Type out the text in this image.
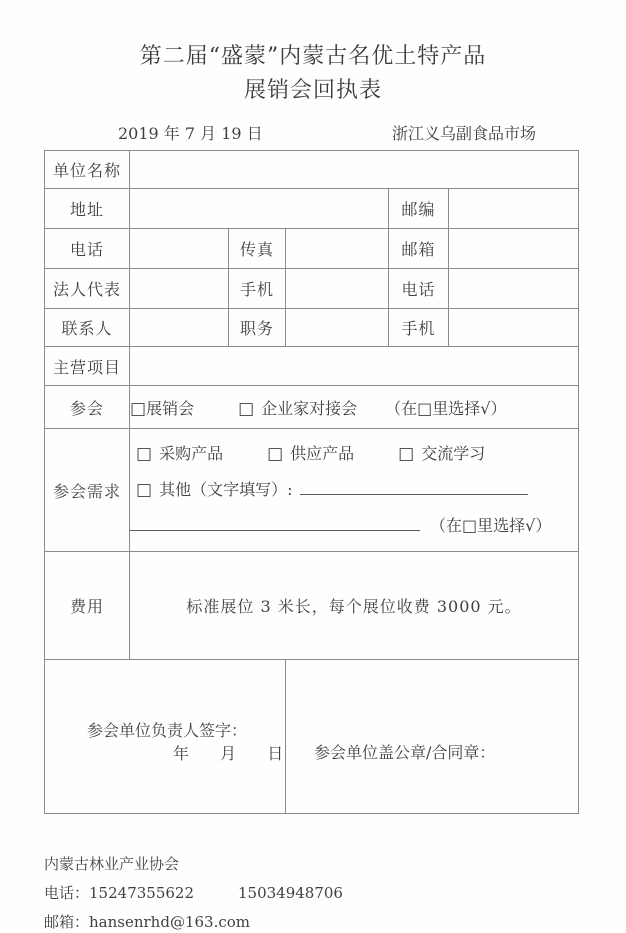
第二届“盛蒙”内蒙古名优土特产品
展销会回执表
2019 年 7 月 19 日	浙江义乌副食品市场
单位名称					
地址				邮编	
电话		传真		邮箱	
法人代表		手机		电话	
联系人		职务		手机	
主营项目					
参会	□展销会 □ 企业家对接会 （在□里选择√）				
参会需求	□ 采购产品 □ 供应产品 □ 交流学习
□ 其他（文字填写）:
（在□里选择√）				

费用	标准展位 3 米长，每个展位收费 3000 元。				

参会单位负责人签字：
年 月 日			参会单位盖公章/合同章：		
内蒙古林业产业协会
电话：15247355622	15034948706
邮箱：hansenrhd@163.com
